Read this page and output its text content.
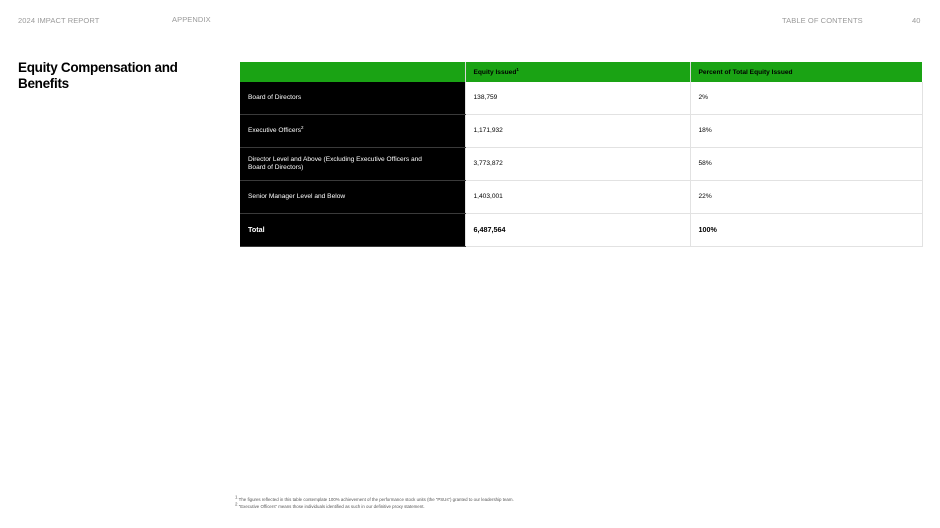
2024 IMPACT REPORT	APPENDIX	TABLE OF CONTENTS	40
Equity Compensation and Benefits
	Equity Issued$^1$	Percent of Total Equity Issued
Board of Directors	138,759	2%
Executive Officers$^2$	1,171,932	18%
Director Level and Above (Excluding Executive Officers and Board of Directors)	3,773,872	58%
Senior Manager Level and Below	1,403,001	22%
Total	6,487,564	100%
$^1$ The figures reflected in this table contemplate 100% achievement of the performance stock units (the “PSUs”) granted to our leadership team.
$^2$ “Executive Officers” means those individuals identified as such in our definitive proxy statement.
